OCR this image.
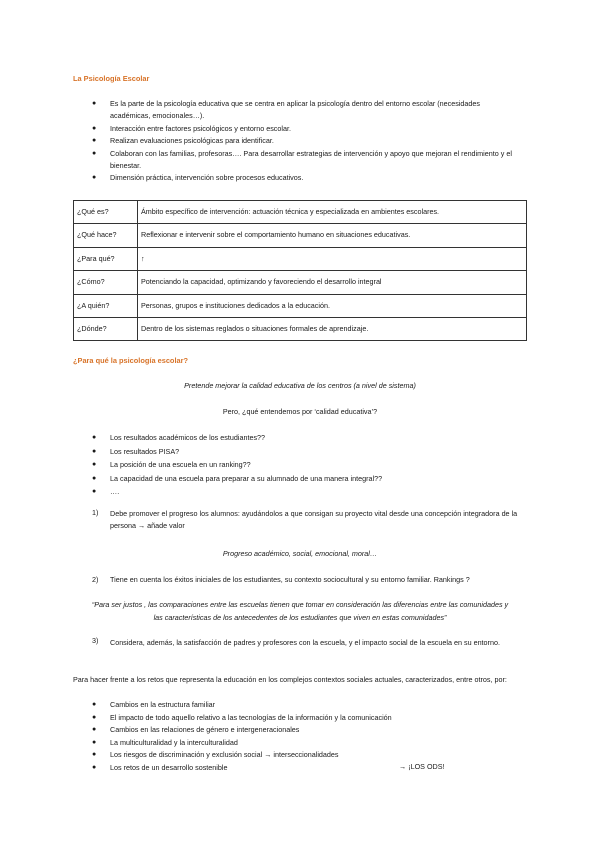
La Psicología Escolar
● Es la parte de la psicología educativa que se centra en aplicar la psicología dentro del entorno escolar (necesidades académicas, emocionales…).
● Interacción entre factores psicológicos y entorno escolar.
● Realizan evaluaciones psicológicas para identificar.
● Colaboran con las familias, profesoras…. Para desarrollar estrategias de intervención y apoyo que mejoran el rendimiento y el bienestar.
● Dimensión práctica, intervención sobre procesos educativos.
¿Qué es?	Ámbito específico de intervención: actuación técnica y especializada en ambientes escolares.
¿Qué hace?	Reflexionar e intervenir sobre el comportamiento humano en situaciones educativas.
¿Para qué?	↑
¿Cómo?	Potenciando la capacidad, optimizando y favoreciendo el desarrollo integral
¿A quién?	Personas, grupos e instituciones dedicados a la educación.
¿Dónde?	Dentro de los sistemas reglados o situaciones formales de aprendizaje.
¿Para qué la psicología escolar?
Pretende mejorar la calidad educativa de los centros (a nivel de sistema)
Pero, ¿qué entendemos por ‘calidad educativa’?
● Los resultados académicos de los estudiantes??
● Los resultados PISA?
● La posición de una escuela en un ranking??
● La capacidad de una escuela para preparar a su alumnado de una manera integral??
● ….
1) Debe promover el progreso los alumnos: ayudándolos a que consigan su proyecto vital desde una concepción integradora de la persona → añade valor
Progreso académico, social, emocional, moral…
2) Tiene en cuenta los éxitos iniciales de los estudiantes, su contexto sociocultural y su entorno familiar. Rankings ?
“Para ser justos , las comparaciones entre las escuelas tienen que tomar en consideración las diferencias entre las comunidades y las características de los antecedentes de los estudiantes que viven en estas comunidades”
3) Considera, además, la satisfacción de padres y profesores con la escuela, y el impacto social de la escuela en su entorno.
Para hacer frente a los retos que representa la educación en los complejos contextos sociales actuales, caracterizados, entre otros, por:
● Cambios en la estructura familiar
● El impacto de todo aquello relativo a las tecnologías de la información y la comunicación
● Cambios en las relaciones de género e intergeneracionales
● La multiculturalidad y la interculturalidad
● Los riesgos de discriminación y exclusión social → interseccionalidades
● Los retos de un desarrollo sostenible	→ ¡LOS ODS!
